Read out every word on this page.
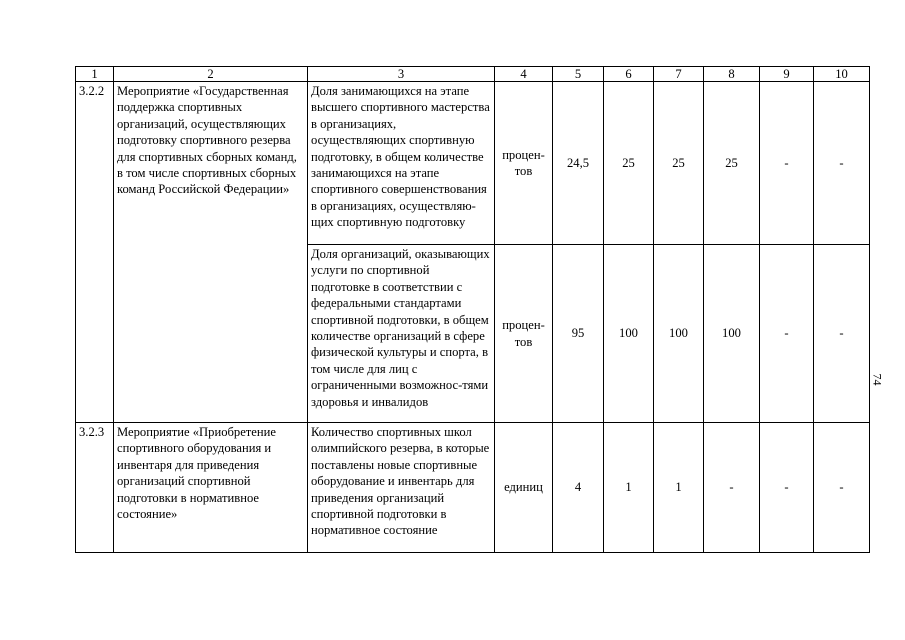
1	2	3	4	5	6	7	8	9	10
3.2.2	Мероприятие «Государственная поддержка спортивных организаций, осуществляющих подготовку спортивного резерва для спортивных сборных команд, в том числе спортивных сборных команд Российской Федерации»	Доля занимающихся на этапе высшего спортивного мастерства в организациях, осуществляющих спортивную подготовку, в общем количестве занимающихся на этапе спортивного совершенствования в организациях, осуществляю-щих спортивную подготовку	процен-тов	24,5	25	25	25	-	-
		Доля организаций, оказывающих услуги по спортивной подготовке в соответствии с федеральными стандартами спортивной подготовки, в общем количестве организаций в сфере физической культуры и спорта, в том числе для лиц с ограниченными возможнос-тями здоровья и инвалидов	процен-тов	95	100	100	100	-	-
3.2.3	Мероприятие «Приобретение спортивного оборудования и инвентаря для приведения организаций спортивной подготовки в нормативное состояние»	Количество спортивных школ олимпийского резерва, в которые поставлены новые спортивные оборудование и инвентарь для приведения организаций спортивной подготовки в нормативное состояние	единиц	4	1	1	-	-	-
74
